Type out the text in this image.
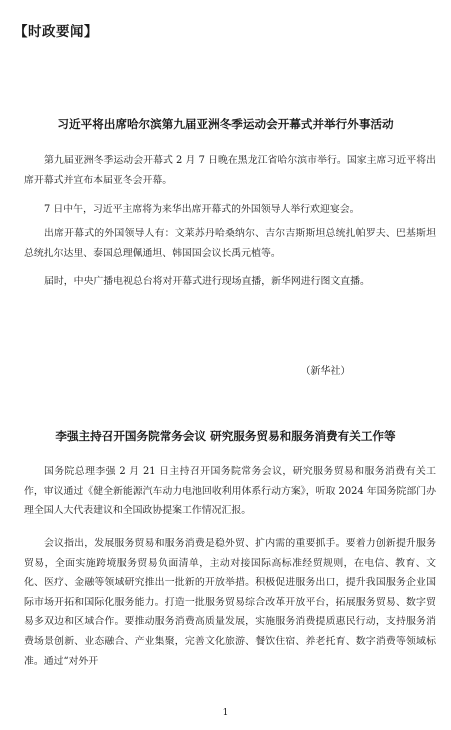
【时政要闻】
习近平将出席哈尔滨第九届亚洲冬季运动会开幕式并举行外事活动

第九届亚洲冬季运动会开幕式 2 月 7 日晚在黑龙江省哈尔滨市举行。国家主席习近平将出席开幕式并宣布本届亚冬会开幕。

7 日中午，习近平主席将为来华出席开幕式的外国领导人举行欢迎宴会。

出席开幕式的外国领导人有：文莱苏丹哈桑纳尔、吉尔吉斯斯坦总统扎帕罗夫、巴基斯坦总统扎尔达里、泰国总理佩通坦、韩国国会议长禹元植等。

届时，中央广播电视总台将对开幕式进行现场直播，新华网进行图文直播。

（新华社）
李强主持召开国务院常务会议 研究服务贸易和服务消费有关工作等

国务院总理李强 2 月 21 日主持召开国务院常务会议，研究服务贸易和服务消费有关工作，审议通过《健全新能源汽车动力电池回收利用体系行动方案》，听取 2024 年国务院部门办理全国人大代表建议和全国政协提案工作情况汇报。

会议指出，发展服务贸易和服务消费是稳外贸、扩内需的重要抓手。要着力创新提升服务贸易，全面实施跨境服务贸易负面清单，主动对接国际高标准经贸规则，在电信、教育、文化、医疗、金融等领域研究推出一批新的开放举措。积极促进服务出口，提升我国服务企业国际市场开拓和国际化服务能力。打造一批服务贸易综合改革开放平台，拓展服务贸易、数字贸易多双边和区域合作。要推动服务消费高质量发展，实施服务消费提质惠民行动，支持服务消费场景创新、业态融合、产业集聚，完善文化旅游、餐饮住宿、养老托育、数字消费等领域标准。通过“对外开

1
